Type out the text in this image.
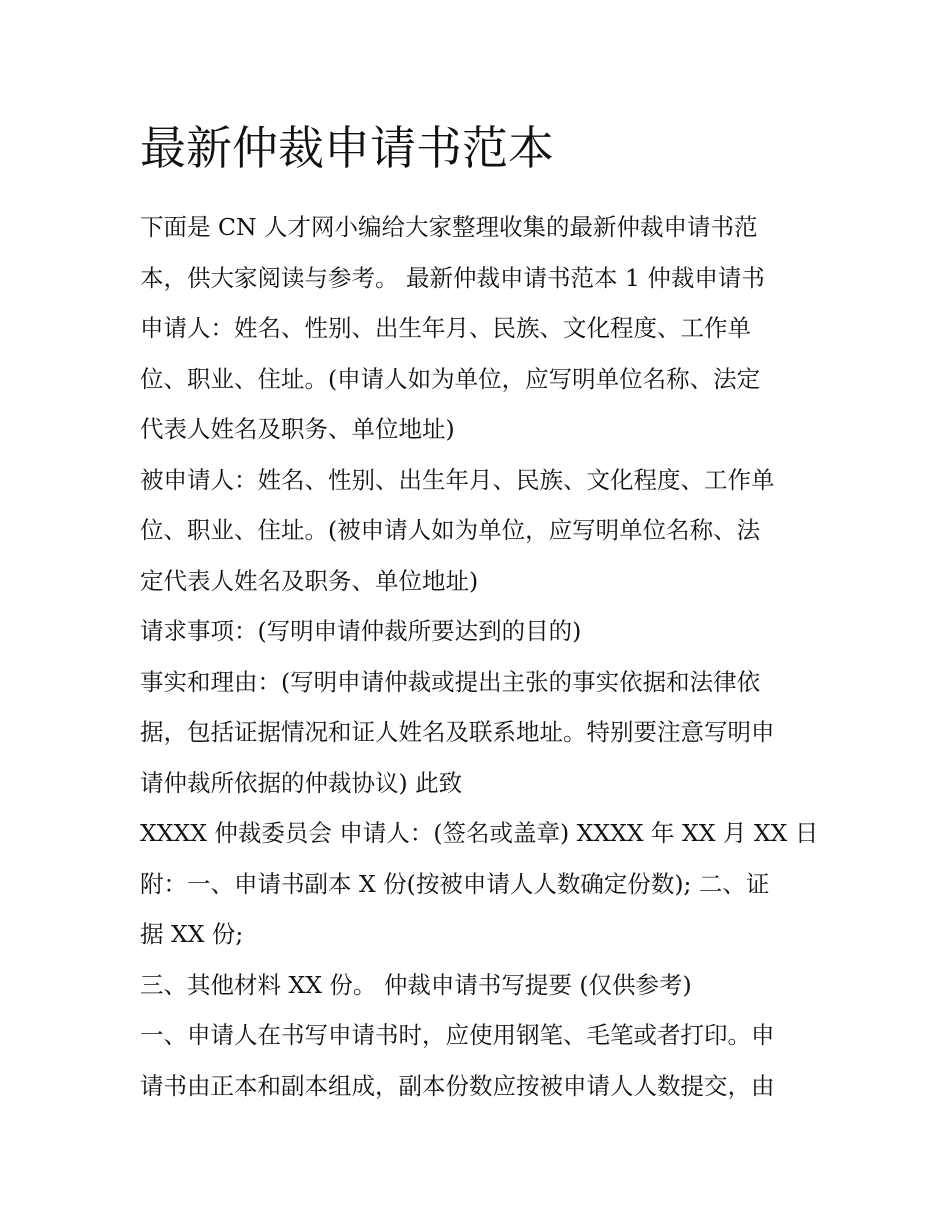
最新仲裁申请书范本

下面是 CN 人才网小编给大家整理收集的最新仲裁申请书范

本，供大家阅读与参考。 最新仲裁申请书范本 1 仲裁申请书

申请人：姓名、性别、出生年月、民族、文化程度、工作单

位、职业、住址。(申请人如为单位，应写明单位名称、法定

代表人姓名及职务、单位地址)

被申请人：姓名、性别、出生年月、民族、文化程度、工作单

位、职业、住址。(被申请人如为单位，应写明单位名称、法

定代表人姓名及职务、单位地址)

请求事项：(写明申请仲裁所要达到的目的)

事实和理由：(写明申请仲裁或提出主张的事实依据和法律依

据，包括证据情况和证人姓名及联系地址。特别要注意写明申

请仲裁所依据的仲裁协议) 此致

XXXX 仲裁委员会 申请人：(签名或盖章) XXXX 年 XX 月 XX 日

附：一、申请书副本 X 份(按被申请人人数确定份数); 二、证

据 XX 份;

三、其他材料 XX 份。 仲裁申请书写提要 (仅供参考)

一、申请人在书写申请书时，应使用钢笔、毛笔或者打印。申

请书由正本和副本组成，副本份数应按被申请人人数提交，由
